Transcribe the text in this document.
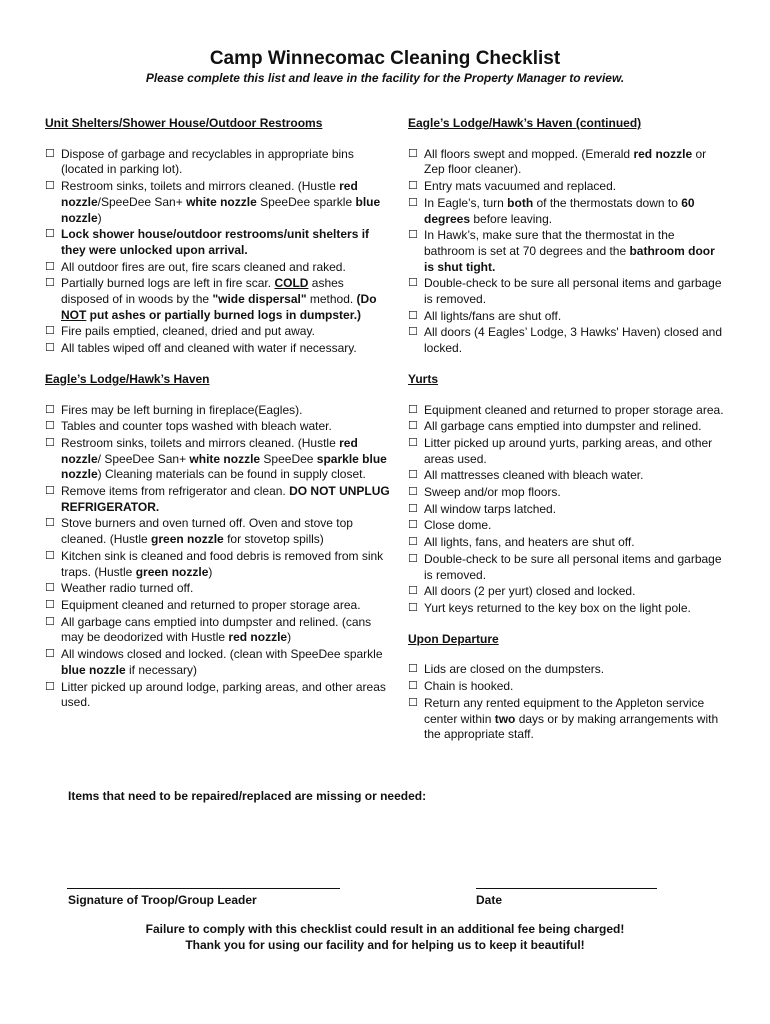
Camp Winnecomac Cleaning Checklist
Please complete this list and leave in the facility for the Property Manager to review.
Unit Shelters/Shower House/Outdoor Restrooms
☐ Dispose of garbage and recyclables in appropriate bins (located in parking lot).
☐ Restroom sinks, toilets and mirrors cleaned. (Hustle red nozzle/SpeeDee San+ white nozzle SpeeDee sparkle blue nozzle)
☐ Lock shower house/outdoor restrooms/unit shelters if they were unlocked upon arrival.
☐ All outdoor fires are out, fire scars cleaned and raked.
☐ Partially burned logs are left in fire scar. COLD ashes disposed of in woods by the "wide dispersal" method. (Do NOT put ashes or partially burned logs in dumpster.)
☐ Fire pails emptied, cleaned, dried and put away.
☐ All tables wiped off and cleaned with water if necessary.
Eagle’s Lodge/Hawk’s Haven
☐ Fires may be left burning in fireplace(Eagles).
☐ Tables and counter tops washed with bleach water.
☐ Restroom sinks, toilets and mirrors cleaned. (Hustle red nozzle/ SpeeDee San+ white nozzle SpeeDee sparkle blue nozzle) Cleaning materials can be found in supply closet.
☐ Remove items from refrigerator and clean. DO NOT UNPLUG REFRIGERATOR.
☐ Stove burners and oven turned off. Oven and stove top cleaned. (Hustle green nozzle for stovetop spills)
☐ Kitchen sink is cleaned and food debris is removed from sink traps. (Hustle green nozzle)
☐ Weather radio turned off.
☐ Equipment cleaned and returned to proper storage area.
☐ All garbage cans emptied into dumpster and relined. (cans may be deodorized with Hustle red nozzle)
☐ All windows closed and locked. (clean with SpeeDee sparkle blue nozzle if necessary)
☐ Litter picked up around lodge, parking areas, and other areas used.
Eagle’s Lodge/Hawk’s Haven (continued)
☐ All floors swept and mopped. (Emerald red nozzle or Zep floor cleaner).
☐ Entry mats vacuumed and replaced.
☐ In Eagle’s, turn both of the thermostats down to 60 degrees before leaving.
☐ In Hawk’s, make sure that the thermostat in the bathroom is set at 70 degrees and the bathroom door is shut tight.
☐ Double-check to be sure all personal items and garbage is removed.
☐ All lights/fans are shut off.
☐ All doors (4 Eagles’ Lodge, 3 Hawks' Haven) closed and locked.
Yurts
☐ Equipment cleaned and returned to proper storage area.
☐ All garbage cans emptied into dumpster and relined.
☐ Litter picked up around yurts, parking areas, and other areas used.
☐ All mattresses cleaned with bleach water.
☐ Sweep and/or mop floors.
☐ All window tarps latched.
☐ Close dome.
☐ All lights, fans, and heaters are shut off.
☐ Double-check to be sure all personal items and garbage is removed.
☐ All doors (2 per yurt) closed and locked.
☐ Yurt keys returned to the key box on the light pole.
Upon Departure
☐ Lids are closed on the dumpsters.
☐ Chain is hooked.
☐ Return any rented equipment to the Appleton service center within two days or by making arrangements with the appropriate staff.
Items that need to be repaired/replaced are missing or needed:
Signature of Troop/Group Leader	Date
Failure to comply with this checklist could result in an additional fee being charged!
Thank you for using our facility and for helping us to keep it beautiful!
